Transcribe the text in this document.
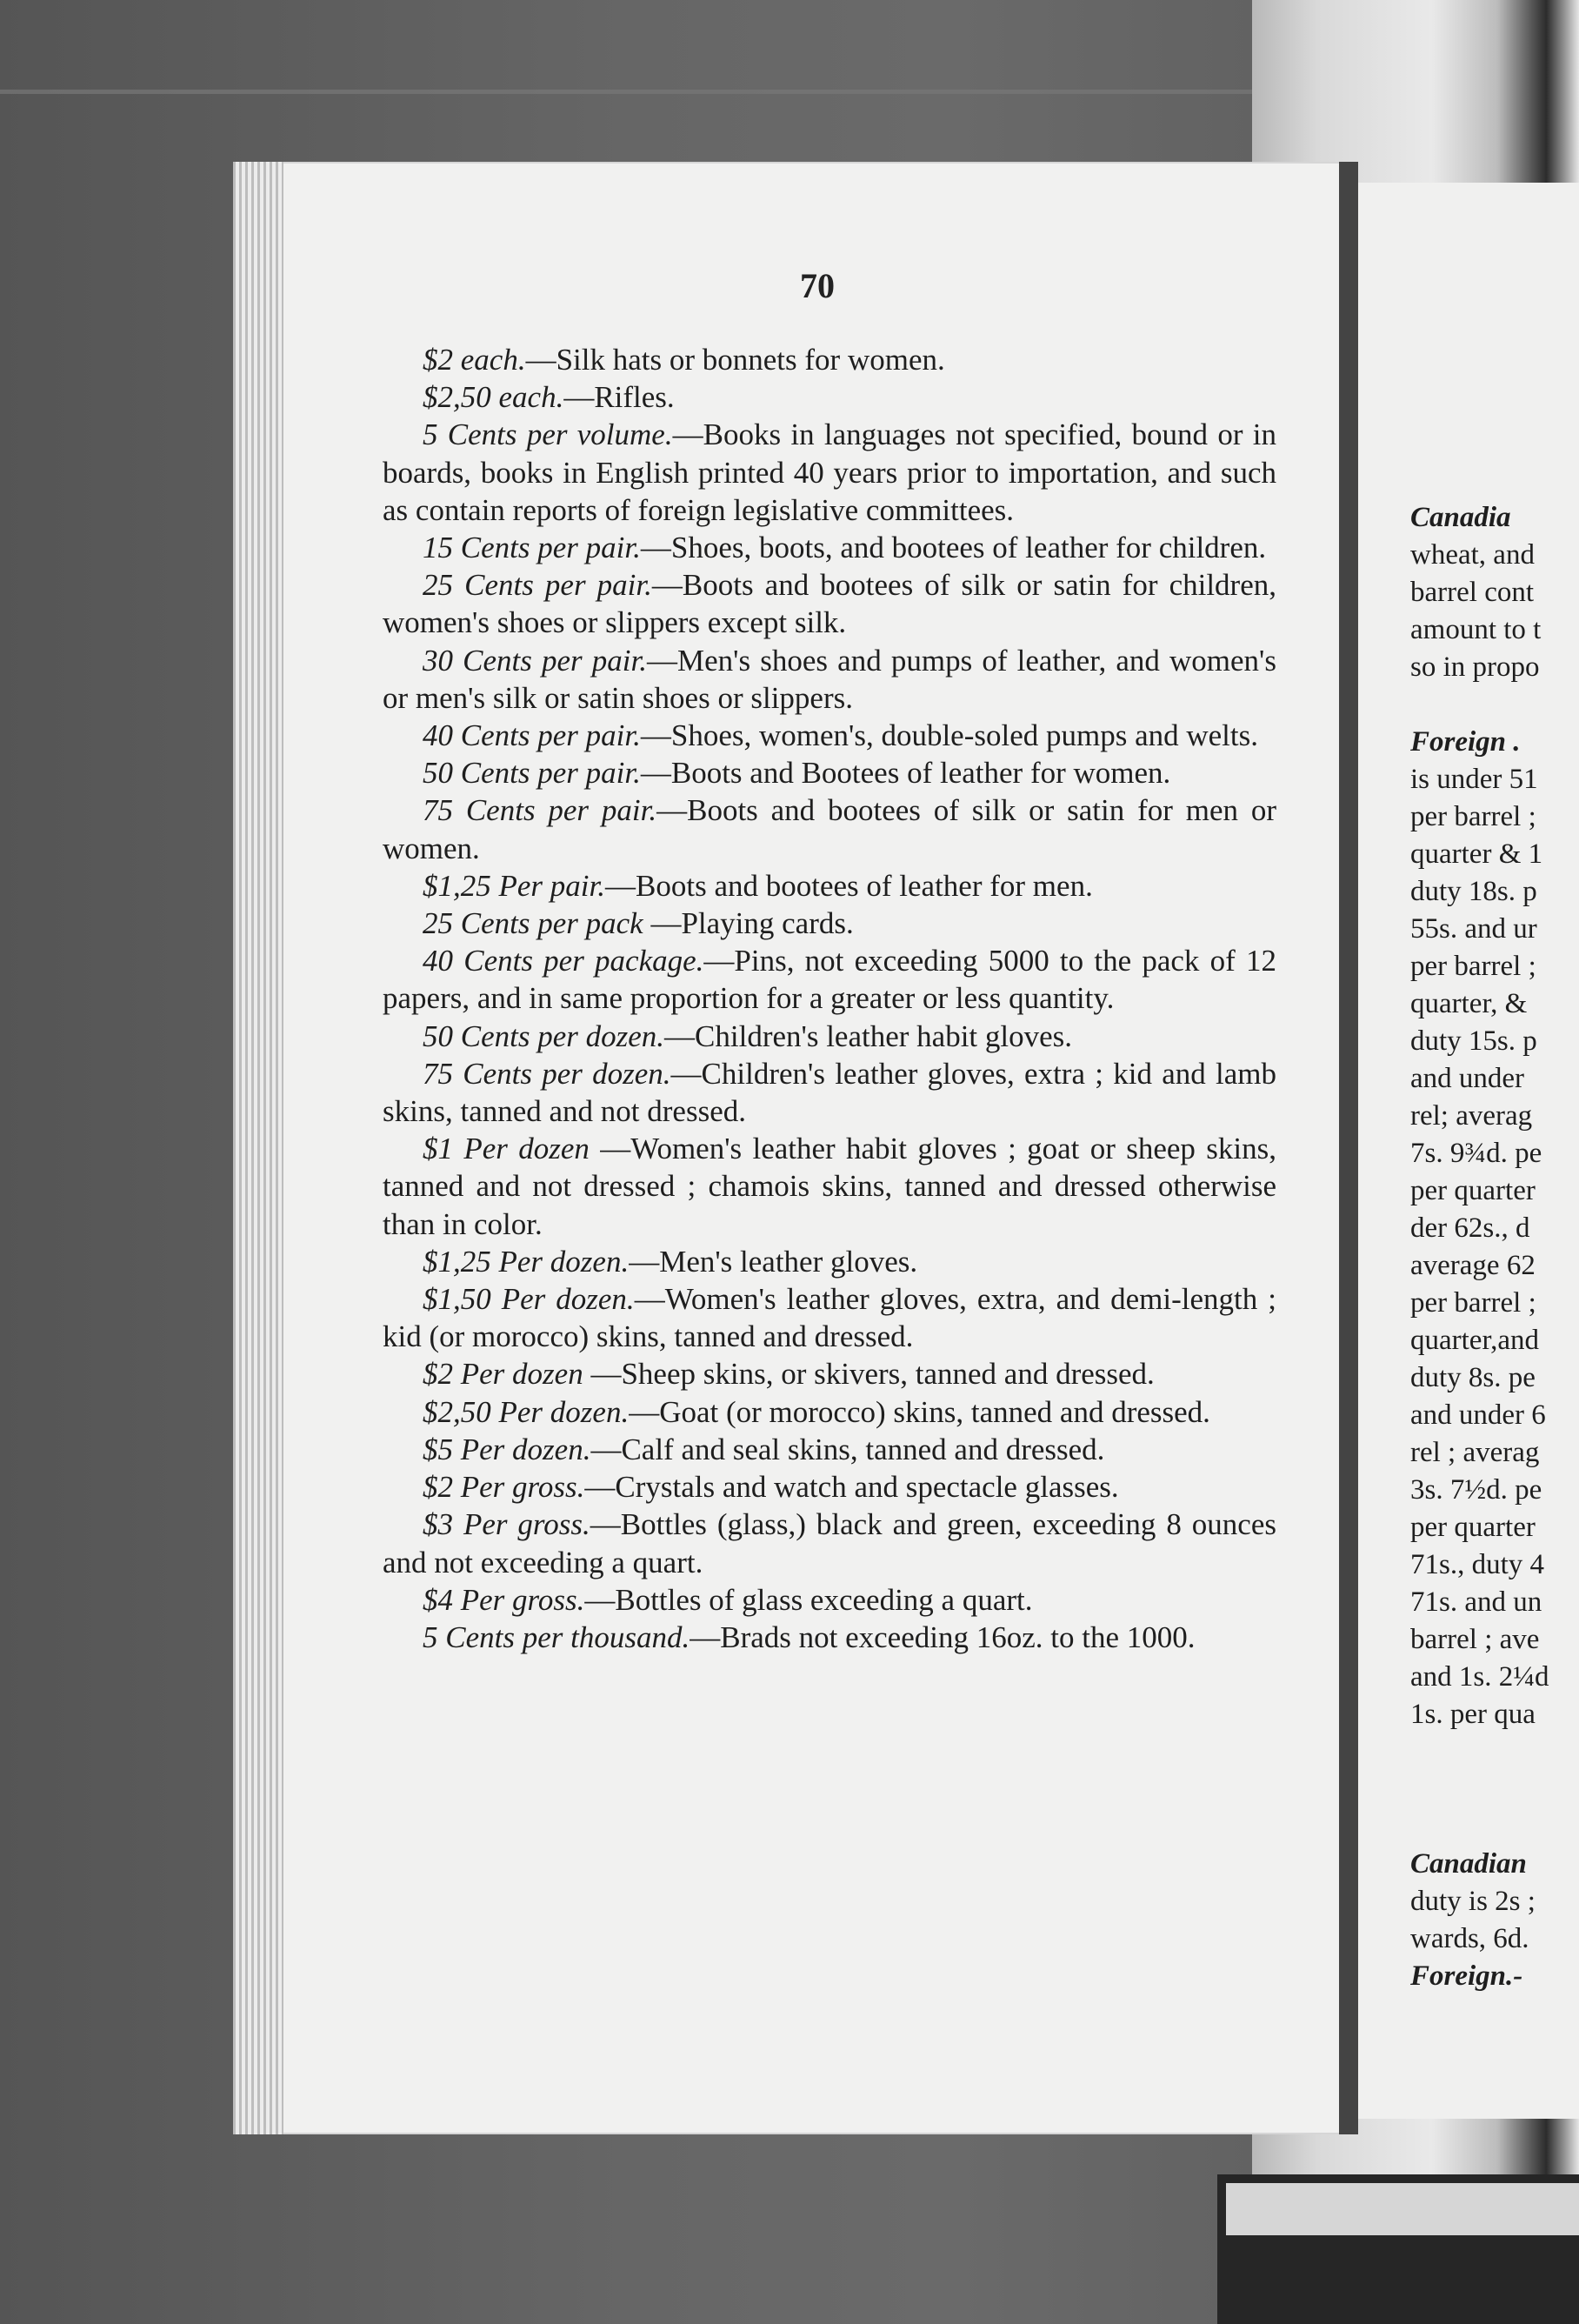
70

$2 each.—Silk hats or bonnets for women.

$2,50 each.—Rifles.

5 Cents per volume.—Books in languages not specified, bound or in boards, books in English printed 40 years prior to importation, and such as contain reports of foreign legislative committees.

15 Cents per pair.—Shoes, boots, and bootees of leather for children.

25 Cents per pair.—Boots and bootees of silk or satin for children, women's shoes or slippers except silk.

30 Cents per pair.—Men's shoes and pumps of leather, and women's or men's silk or satin shoes or slippers.

40 Cents per pair.—Shoes, women's, double-soled pumps and welts.

50 Cents per pair.—Boots and Bootees of leather for women.

75 Cents per pair.—Boots and bootees of silk or satin for men or women.

$1,25 Per pair.—Boots and bootees of leather for men.

25 Cents per pack —Playing cards.

40 Cents per package.—Pins, not exceeding 5000 to the pack of 12 papers, and in same proportion for a greater or less quantity.

50 Cents per dozen.—Children's leather habit gloves.

75 Cents per dozen.—Children's leather gloves, extra ; kid and lamb skins, tanned and not dressed.

$1 Per dozen —Women's leather habit gloves ; goat or sheep skins, tanned and not dressed ; chamois skins, tanned and dressed otherwise than in color.

$1,25 Per dozen.—Men's leather gloves.

$1,50 Per dozen.—Women's leather gloves, extra, and demi-length ; kid (or morocco) skins, tanned and dressed.

$2 Per dozen —Sheep skins, or skivers, tanned and dressed.

$2,50 Per dozen.—Goat (or morocco) skins, tanned and dressed.

$5 Per dozen.—Calf and seal skins, tanned and dressed.

$2 Per gross.—Crystals and watch and spectacle glasses.

$3 Per gross.—Bottles (glass,) black and green, exceeding 8 ounces and not exceeding a quart.

$4 Per gross.—Bottles of glass exceeding a quart.

5 Cents per thousand.—Brads not exceeding 16oz. to the 1000.

Canadia
wheat, and
barrel cont
amount to t
so in propo
Foreign .
is under 51
per barrel ;
quarter & 1
duty 18s. p
55s. and ur
per barrel ;
quarter, &
duty 15s. p
and under
rel; averag
7s. 9¾d. pe
per quarter
der 62s., d
average 62
per barrel ;
quarter,and
duty 8s. pe
and under 6
rel ; averag
3s. 7½d. pe
per quarter
71s., duty 4
71s. and un
barrel ; ave
and 1s. 2¼d
1s. per qua
Canadian
duty is 2s ;
wards, 6d.
Foreign.-
